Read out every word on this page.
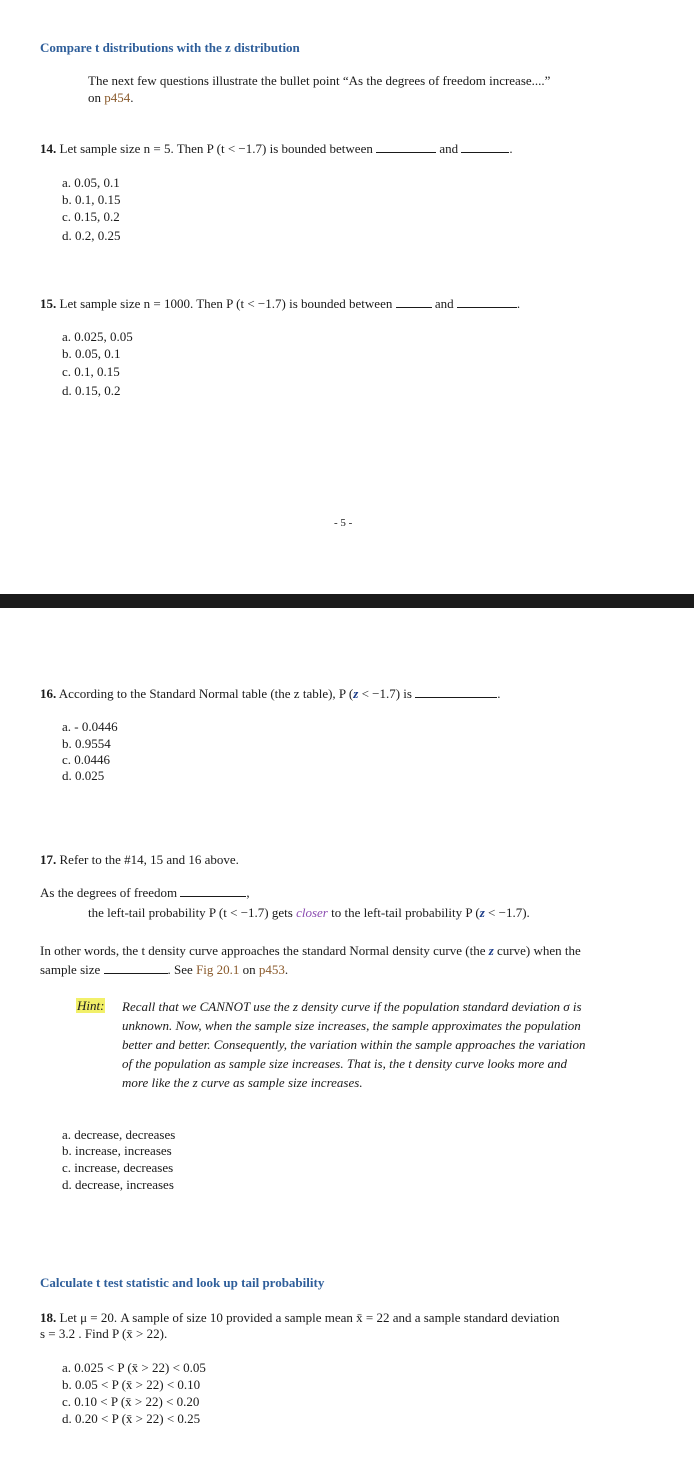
Compare t distributions with the z distribution
The next few questions illustrate the bullet point “As the degrees of freedom increase....”
on p454.
14. Let sample size n = 5. Then P (t < −1.7) is bounded between	and	.
a. 0.05, 0.1
b. 0.1, 0.15
c. 0.15, 0.2
d. 0.2, 0.25
15. Let sample size n = 1000. Then P (t < −1.7) is bounded between	and	.
a. 0.025, 0.05
b. 0.05, 0.1
c. 0.1, 0.15
d. 0.15, 0.2
- 5 -
16. According to the Standard Normal table (the z table), P (z < −1.7) is	.
a. - 0.0446
b. 0.9554
c. 0.0446
d. 0.025
17. Refer to the #14, 15 and 16 above.
As the degrees of freedom	,
the left-tail probability P (t < −1.7) gets closer to the left-tail probability P (z < −1.7).
In other words, the t density curve approaches the standard Normal density curve (the z curve) when the
sample size	. See Fig 20.1 on p453.
Hint: Recall that we CANNOT use the z density curve if the population standard deviation σ is
unknown. Now, when the sample size increases, the sample approximates the population
better and better. Consequently, the variation within the sample approaches the variation
of the population as sample size increases. That is, the t density curve looks more and
more like the z curve as sample size increases.
a. decrease, decreases
b. increase, increases
c. increase, decreases
d. decrease, increases
Calculate t test statistic and look up tail probability
18. Let μ = 20. A sample of size 10 provided a sample mean x̄ = 22 and a sample standard deviation
s = 3.2 . Find P (x̄ > 22).
a. 0.025 < P (x̄ > 22) < 0.05
b. 0.05 < P (x̄ > 22) < 0.10
c. 0.10 < P (x̄ > 22) < 0.20
d. 0.20 < P (x̄ > 22) < 0.25
